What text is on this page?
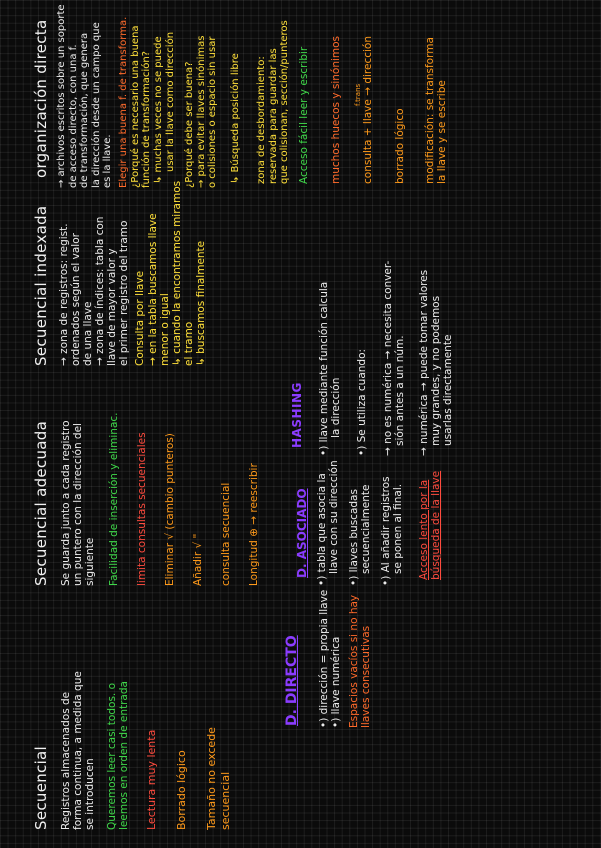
Secuencial Registros almacenados de forma continua, a medida que se introducen Queremos leer casi todos. o leemos en orden de entrada Lectura muy lenta Borrado lógico Tamaño no excede secuencial
Secuencial adecuada Se guarda junto a cada registro un puntero con la dirección del siguiente Facilidad de inserción y eliminac. limita consultas secuenciales Eliminar √ (cambio punteros) Añadir √ " consulta secuencial Longitud ⊕ → reescribir
Secuencial indexada → zona de registros: regist. ordenados según el valor de una llave → zona de índices: tabla con llave de mayor valor y el primer registro del tramo Consulta por llave → en la tabla buscamos llave menor o igual ↳ cuando la encontramos miramos el tramo ↳ buscamos finalmente
organización directa → archivos escritos sobre un soporte de acceso directo, con una f. de transformación, que genera la dirección desde un campo que es la llave. Elegir una buena f. de transforma. ¿Porqué es necesario una buena función de transformación? ↳ muchas veces no se puede usar la llave como dirección ¿Porqué debe ser buena? → para evitar llaves sinónimas o colisiones o espacio sin usar ↳ Búsqueda posición libre zona de desbordamiento: reservada para guardar las que colisionan, sección/punteros Acceso fácil leer y escribir muchos huecos y sinónimos consulta + llave → dirección
f.trans
borrado lógico modificación: se transforma la llave y se escribe
D. DIRECTO •) dirección = propia llave •) llave numérica Espacios vacíos si no hay llaves consecutivas
D. ASOCIADO •) tabla que asocia la llave con su dirección •) llaves buscadas secuencialmente •) Al añadir registros se ponen al final. Acceso lento por la búsqueda de la llave
HASHING •) llave mediante función calcula la dirección •) Se utiliza cuando: → no es numérica → necesita conver- sión antes a un núm. → numérica → puede tomar valores muy grandes, y no podemos usarlas directamente
